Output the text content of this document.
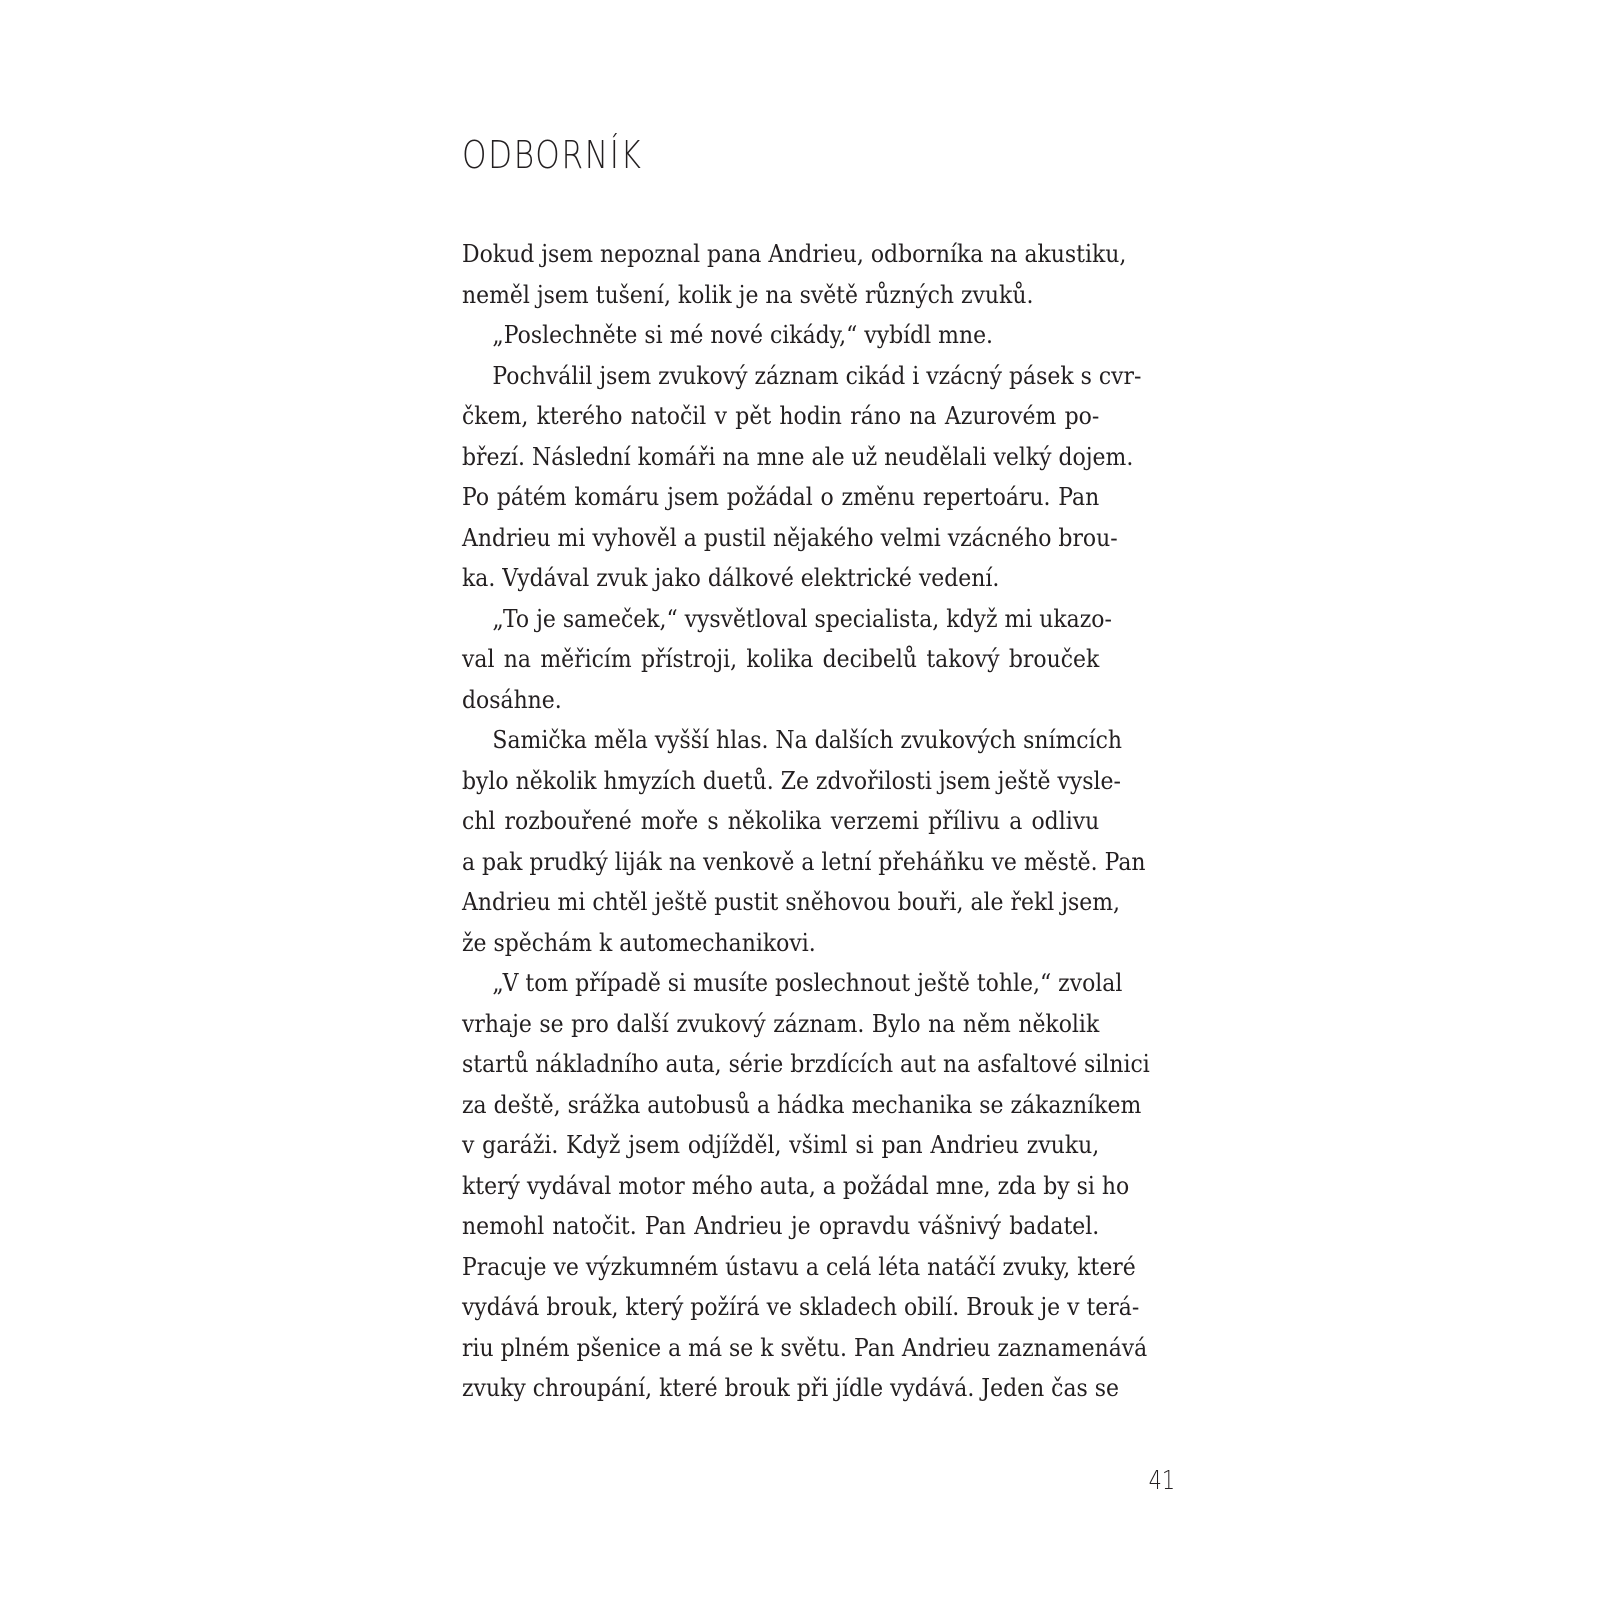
ODBORNÍK
Dokud jsem nepoznal pana Andrieu, odborníka na akustiku,
neměl jsem tušení, kolik je na světě různých zvuků.
„Poslechněte si mé nové cikády,“ vybídl mne.
Pochválil jsem zvukový záznam cikád i vzácný pásek s cvr-
čkem, kterého natočil v pět hodin ráno na Azurovém po-
březí. Následní komáři na mne ale už neudělali velký dojem.
Po pátém komáru jsem požádal o změnu repertoáru. Pan
Andrieu mi vyhověl a pustil nějakého velmi vzácného brou-
ka. Vydával zvuk jako dálkové elektrické vedení.
„To je sameček,“ vysvětloval specialista, když mi ukazo-
val na měřicím přístroji, kolika decibelů takový brouček
dosáhne.
Samička měla vyšší hlas. Na dalších zvukových snímcích
bylo několik hmyzích duetů. Ze zdvořilosti jsem ještě vysle-
chl rozbouřené moře s několika verzemi přílivu a odlivu
a pak prudký liják na venkově a letní přeháňku ve městě. Pan
Andrieu mi chtěl ještě pustit sněhovou bouři, ale řekl jsem,
že spěchám k automechanikovi.
„V tom případě si musíte poslechnout ještě tohle,“ zvolal
vrhaje se pro další zvukový záznam. Bylo na něm několik
startů nákladního auta, série brzdících aut na asfaltové silnici
za deště, srážka autobusů a hádka mechanika se zákazníkem
v garáži. Když jsem odjížděl, všiml si pan Andrieu zvuku,
který vydával motor mého auta, a požádal mne, zda by si ho
nemohl natočit. Pan Andrieu je opravdu vášnivý badatel.
Pracuje ve výzkumném ústavu a celá léta natáčí zvuky, které
vydává brouk, který požírá ve skladech obilí. Brouk je v terá-
riu plném pšenice a má se k světu. Pan Andrieu zaznamenává
zvuky chroupání, které brouk při jídle vydává. Jeden čas se
41
